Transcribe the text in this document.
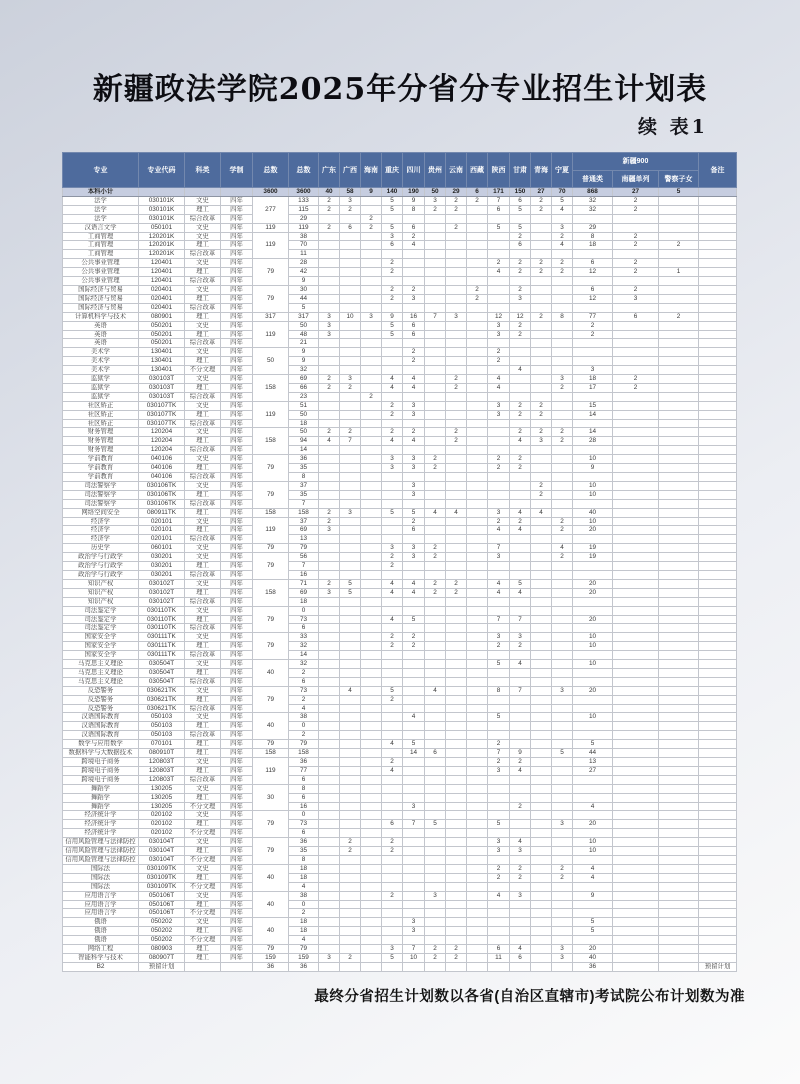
新疆政法学院2025年分省分专业招生计划表
续 表1
专业	专业代码	科类	学制	总数	总数	广东	广西	海南	重庆	四川	贵州	云南	西藏	陕西	甘肃	青海	宁夏	新疆900			备注
																		普通类	南疆单列	警察子女	
本科小计				3600	3600	40	58	9	140	190	50	29	6	171	150	27	70	868	27	5	
法学	030101K	文史	四年	277	133	2	3		5	9	3	2	2	7	6	2	5	32	2		
法学	030101K	理工	四年		115	2	2		5	8	2	2		6	5	2	4	32	2		
法学	030101K	综合改革	四年		29			2													
汉语言文学	050101	文史	四年	119	119	2	6	2	5	6		2		5	5		3	29			
工商管理	120201K	文史	四年	119	38				3	2					2		2	8	2		
工商管理	120201K	理工	四年		70				6	4					6		4	18	2	2	
工商管理	120201K	综合改革	四年		11																
公共事业管理	120401	文史	四年	79	28				2					2	2	2	2	6	2		
公共事业管理	120401	理工	四年		42				2					4	2	2	2	12	2	1	
公共事业管理	120401	综合改革	四年		9																
国际经济与贸易	020401	文史	四年	79	30				2	2			2		2			6	2		
国际经济与贸易	020401	理工	四年		44				2	3			2		3			12	3		
国际经济与贸易	020401	综合改革	四年		5																
计算机科学与技术	080901	理工	四年	317	317	3	10	3	9	16	7	3		12	12	2	8	77	6	2	
英语	050201	文史	四年	119	50	3			5	6				3	2			2			
英语	050201	理工	四年		48	3			5	6				3	2			2			
英语	050201	综合改革	四年		21																
美术学	130401	文史	四年	50	9					2				2							
美术学	130401	理工	四年		9					2				2							
美术学	130401	不分文理	四年		32										4			3			
监狱学	030103T	文史	四年	158	69	2	3		4	4		2		4			3	18	2		
监狱学	030103T	理工	四年		66	2	2		4	4		2		4			2	17	2		
监狱学	030103T	综合改革	四年		23			2													
社区矫正	030107TK	文史	四年	119	51				2	3				3	2	2		15			
社区矫正	030107TK	理工	四年		50				2	3				3	2	2		14			
社区矫正	030107TK	综合改革	四年		18																
财务管理	120204	文史	四年	158	50	2	2		2	2		2			2	2	2	14			
财务管理	120204	理工	四年		94	4	7		4	4		2			4	3	2	28			
财务管理	120204	综合改革	四年		14																
学前教育	040106	文史	四年	79	36				3	3	2			2	2			10			
学前教育	040106	理工	四年		35				3	3	2			2	2			9			
学前教育	040106	综合改革	四年		8																
司法警察学	030106TK	文史	四年	79	37					3						2		10			
司法警察学	030106TK	理工	四年		35					3						2		10			
司法警察学	030106TK	综合改革	四年		7																
网络空间安全	080911TK	理工	四年	158	158	2	3		5	5	4	4		3	4	4		40			
经济学	020101	文史	四年	119	37	2				2				2	2		2	10			
经济学	020101	理工	四年		69	3				6				4	4		2	20			
经济学	020101	综合改革	四年		13																
历史学	060101	文史	四年	79	79				3	3	2			7			4	19			
政治学与行政学	030201	文史	四年	79	56				2	3	2			3			2	19			
政治学与行政学	030201	理工	四年		7				2												
政治学与行政学	030201	综合改革	四年		16																
知识产权	030102T	文史	四年	158	71	2	5		4	4	2	2		4	5			20			
知识产权	030102T	理工	四年		69	3	5		4	4	2	2		4	4			20			
知识产权	030102T	综合改革	四年		18																
司法鉴定学	030110TK	文史	四年	79	0																
司法鉴定学	030110TK	理工	四年		73				4	5				7	7			20			
司法鉴定学	030110TK	综合改革	四年		6																
国家安全学	030111TK	文史	四年	79	33				2	2				3	3			10			
国家安全学	030111TK	理工	四年		32				2	2				2	2			10			
国家安全学	030111TK	综合改革	四年		14																
马克思主义理论	030504T	文史	四年	40	32									5	4			10			
马克思主义理论	030504T	理工	四年		2																
马克思主义理论	030504T	综合改革	四年		6																
反恐警务	030621TK	文史	四年	79	73		4		5		4			8	7		3	20			
反恐警务	030621TK	理工	四年		2				2												
反恐警务	030621TK	综合改革	四年		4																
汉语国际教育	050103	文史	四年	40	38					4				5				10			
汉语国际教育	050103	理工	四年		0																
汉语国际教育	050103	综合改革	四年		2																
数学与应用数学	070101	理工	四年	79	79				4	5				2				5			
数据科学与大数据技术	080910T	理工	四年	158	158					14	6			7	9		5	44			
跨境电子商务	120803T	文史	四年	119	36				2					2	2			13			
跨境电子商务	120803T	理工	四年		77				4					3	4			27			
跨境电子商务	120803T	综合改革	四年		6																
舞蹈学	130205	文史	四年	30	8																
舞蹈学	130205	理工	四年		6																
舞蹈学	130205	不分文理	四年		16					3					2			4			
经济统计学	020102	文史	四年	79	0																
经济统计学	020102	理工	四年		73				6	7	5			5			3	20			
经济统计学	020102	不分文理	四年		6																
信用风险管理与法律防控	030104T	文史	四年	79	36		2		2					3	4			10			
信用风险管理与法律防控	030104T	理工	四年		35		2		2					3	3			10			
信用风险管理与法律防控	030104T	不分文理	四年		8																
国际法	030109TK	文史	四年	40	18									2	2		2	4			
国际法	030109TK	理工	四年		18									2	2		2	4			
国际法	030109TK	不分文理	四年		4																
应用语言学	050106T	文史	四年	40	38				2		3			4	3			9			
应用语言学	050106T	理工	四年		0																
应用语言学	050106T	不分文理	四年		2																
俄语	050202	文史	四年	40	18					3								5			
俄语	050202	理工	四年		18					3								5			
俄语	050202	不分文理	四年		4																
网络工程	080903	理工	四年	79	79				3	7	2	2		6	4		3	20			
智能科学与技术	080907T	理工	四年	159	159	3	2		5	10	2	2		11	6		3	40			
B2	预留计划			36	36													36			预留计划
最终分省招生计划数以各省(自治区直辖市)考试院公布计划数为准
